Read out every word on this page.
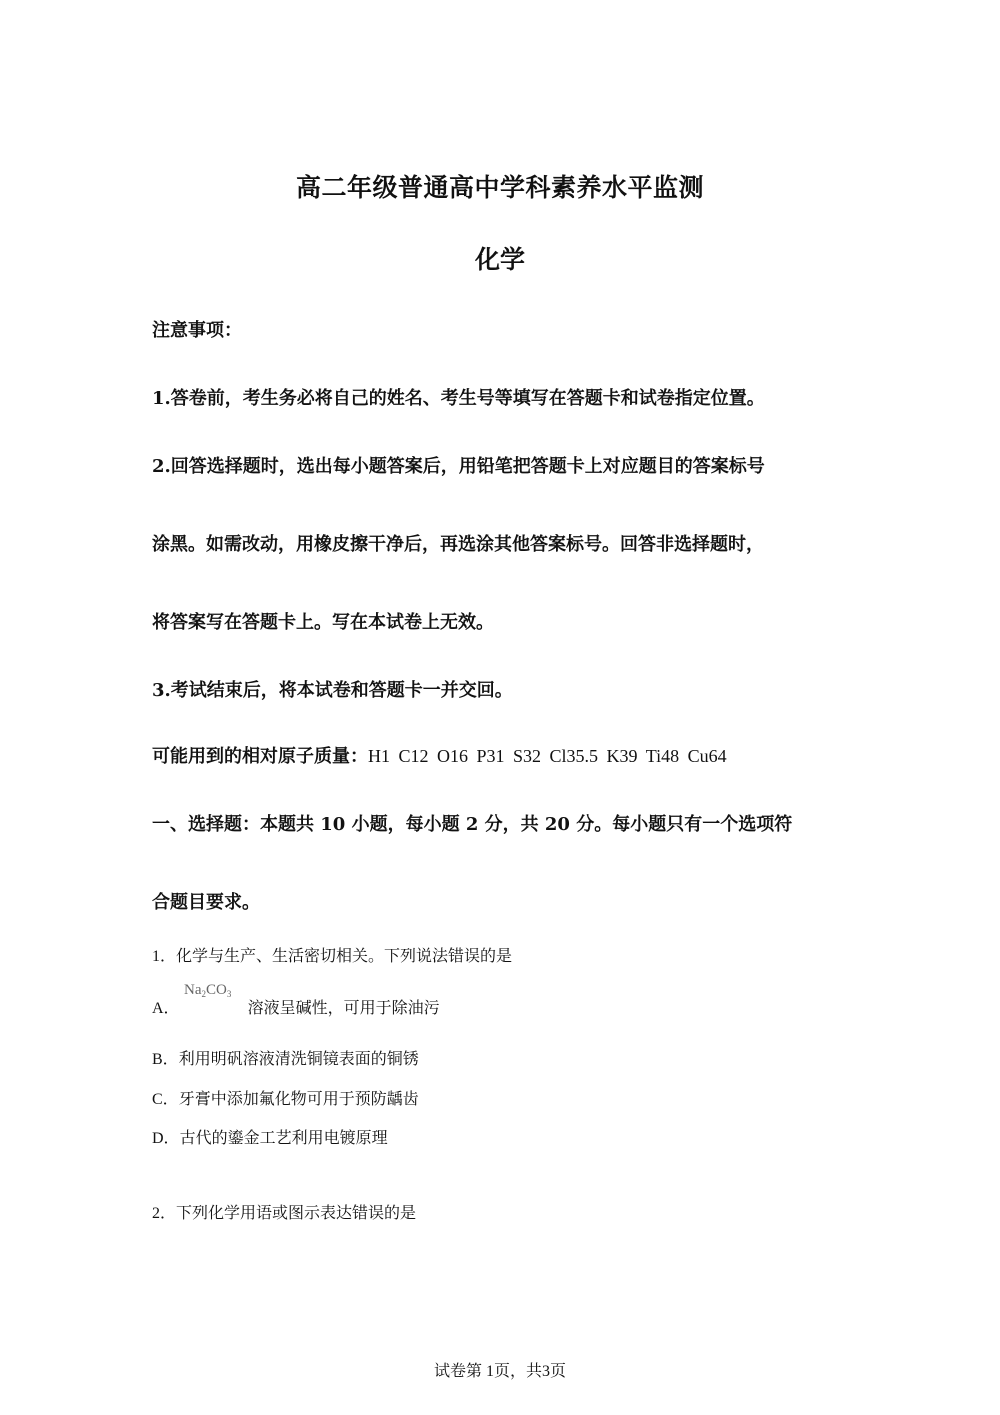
高二年级普通高中学科素养水平监测
化学
注意事项：
1.答卷前，考生务必将自己的姓名、考生号等填写在答题卡和试卷指定位置。
2.回答选择题时，选出每小题答案后，用铅笔把答题卡上对应题目的答案标号
涂黑。如需改动，用橡皮擦干净后，再选涂其他答案标号。回答非选择题时，
将答案写在答题卡上。写在本试卷上无效。
3.考试结束后，将本试卷和答题卡一并交回。
可能用到的相对原子质量：H1 C12 O16 P31 S32 Cl35.5 K39 Ti48 Cu64
一、选择题：本题共 10 小题，每小题 2 分，共 20 分。每小题只有一个选项符
合题目要求。
1．化学与生产、生活密切相关。下列说法错误的是
$Na_2CO_3$
A．	溶液呈碱性，可用于除油污
B．利用明矾溶液清洗铜镜表面的铜锈
C．牙膏中添加氟化物可用于预防龋齿
D．古代的鎏金工艺利用电镀原理
2．下列化学用语或图示表达错误的是
试卷第 1页，共3页
